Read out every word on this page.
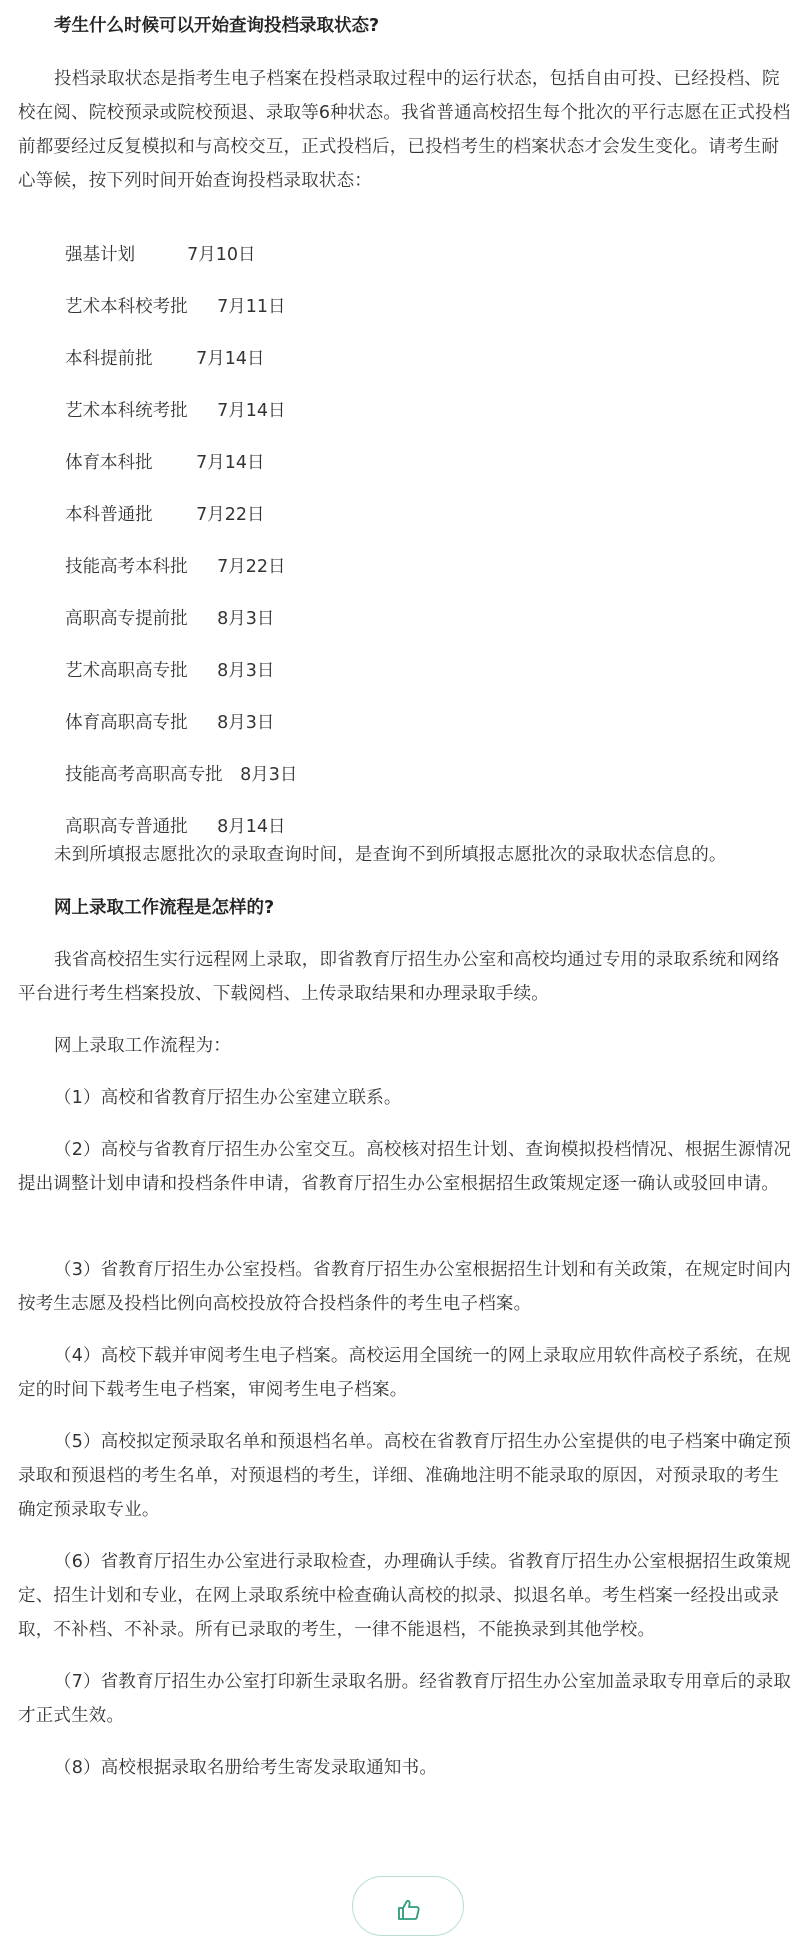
考生什么时候可以开始查询投档录取状态?

投档录取状态是指考生电子档案在投档录取过程中的运行状态，包括自由可投、已经投档、院校在阅、院校预录或院校预退、录取等6种状态。我省普通高校招生每个批次的平行志愿在正式投档前都要经过反复模拟和与高校交互，正式投档后，已投档考生的档案状态才会发生变化。请考生耐心等候，按下列时间开始查询投档录取状态：

强基计划	7月10日

艺术本科校考批 7月11日

本科提前批 7月14日

艺术本科统考批 7月14日

体育本科批 7月14日

本科普通批 7月22日

技能高考本科批 7月22日

高职高专提前批 8月3日

艺术高职高专批 8月3日

体育高职高专批 8月3日

技能高考高职高专批 8月3日

高职高专普通批 8月14日

未到所填报志愿批次的录取查询时间，是查询不到所填报志愿批次的录取状态信息的。

网上录取工作流程是怎样的?

我省高校招生实行远程网上录取，即省教育厅招生办公室和高校均通过专用的录取系统和网络平台进行考生档案投放、下载阅档、上传录取结果和办理录取手续。

网上录取工作流程为：

（1）高校和省教育厅招生办公室建立联系。

（2）高校与省教育厅招生办公室交互。高校核对招生计划、查询模拟投档情况、根据生源情况提出调整计划申请和投档条件申请，省教育厅招生办公室根据招生政策规定逐一确认或驳回申请。

（3）省教育厅招生办公室投档。省教育厅招生办公室根据招生计划和有关政策，在规定时间内按考生志愿及投档比例向高校投放符合投档条件的考生电子档案。

（4）高校下载并审阅考生电子档案。高校运用全国统一的网上录取应用软件高校子系统，在规定的时间下载考生电子档案，审阅考生电子档案。

（5）高校拟定预录取名单和预退档名单。高校在省教育厅招生办公室提供的电子档案中确定预录取和预退档的考生名单，对预退档的考生，详细、准确地注明不能录取的原因，对预录取的考生确定预录取专业。

（6）省教育厅招生办公室进行录取检查，办理确认手续。省教育厅招生办公室根据招生政策规定、招生计划和专业，在网上录取系统中检查确认高校的拟录、拟退名单。考生档案一经投出或录取，不补档、不补录。所有已录取的考生，一律不能退档，不能换录到其他学校。

（7）省教育厅招生办公室打印新生录取名册。经省教育厅招生办公室加盖录取专用章后的录取才正式生效。

（8）高校根据录取名册给考生寄发录取通知书。
